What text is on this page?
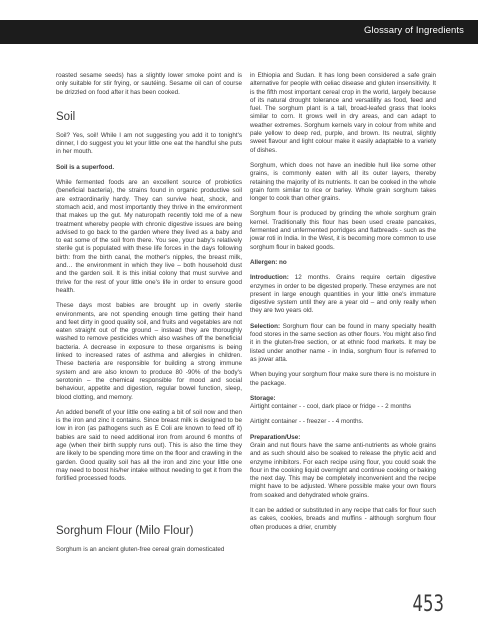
Glossary of Ingredients

roasted sesame seeds) has a slightly lower smoke point and is only suitable for stir frying, or sautéing. Sesame oil can of course be drizzled on food after it has been cooked.

Soil

Soil? Yes, soil! While I am not suggesting you add it to tonight's dinner, I do suggest you let your little one eat the handful she puts in her mouth.

Soil is a superfood.

While fermented foods are an excellent source of probiotics (beneficial bacteria), the strains found in organic productive soil are extraordinarily hardy. They can survive heat, shock, and stomach acid, and most importantly they thrive in the environment that makes up the gut. My naturopath recently told me of a new treatment whereby people with chronic digestive issues are being advised to go back to the garden where they lived as a baby and to eat some of the soil from there. You see, your baby's relatively sterile gut is populated with these life forces in the days following birth: from the birth canal, the mother's nipples, the breast milk, and… the environment in which they live – both household dust and the garden soil. It is this initial colony that must survive and thrive for the rest of your little one's life in order to ensure good health.

These days most babies are brought up in overly sterile environments, are not spending enough time getting their hand and feet dirty in good quality soil, and fruits and vegetables are not eaten straight out of the ground – instead they are thoroughly washed to remove pesticides which also washes off the beneficial bacteria. A decrease in exposure to these organisms is being linked to increased rates of asthma and allergies in children. These bacteria are responsible for building a strong immune system and are also known to produce 80 -90% of the body's serotonin – the chemical responsible for mood and social behaviour, appetite and digestion, regular bowel function, sleep, blood clotting, and memory.

An added benefit of your little one eating a bit of soil now and then is the iron and zinc it contains. Since breast milk is designed to be low in iron (as pathogens such as E Coli are known to feed off it) babies are said to need additional iron from around 6 months of age (when their birth supply runs out). This is also the time they are likely to be spending more time on the floor and crawling in the garden. Good quality soil has all the iron and zinc your little one may need to boost his/her intake without needing to get it from the fortified processed foods.

Sorghum Flour (Milo Flour)

Sorghum is an ancient gluten-free cereal grain domesticated

in Ethiopia and Sudan. It has long been considered a safe grain alternative for people with celiac disease and gluten insensitivity. It is the fifth most important cereal crop in the world, largely because of its natural drought tolerance and versatility as food, feed and fuel. The sorghum plant is a tall, broad-leafed grass that looks similar to corn. It grows well in dry areas, and can adapt to weather extremes. Sorghum kernels vary in colour from white and pale yellow to deep red, purple, and brown. Its neutral, slightly sweet flavour and light colour make it easily adaptable to a variety of dishes.

Sorghum, which does not have an inedible hull like some other grains, is commonly eaten with all its outer layers, thereby retaining the majority of its nutrients. It can be cooked in the whole grain form similar to rice or barley. Whole grain sorghum takes longer to cook than other grains.

Sorghum flour is produced by grinding the whole sorghum grain kernel. Traditionally this flour has been used create pancakes, fermented and unfermented porridges and flatbreads - such as the jowar roti in India. In the West, it is becoming more common to use sorghum flour in baked goods.

Allergen: no

Introduction: 12 months. Grains require certain digestive enzymes in order to be digested properly. These enzymes are not present in large enough quantities in your little one's immature digestive system until they are a year old – and only really when they are two years old.

Selection: Sorghum flour can be found in many specialty health food stores in the same section as other flours. You might also find it in the gluten-free section, or at ethnic food markets. It may be listed under another name - in India, sorghum flour is referred to as jowar atta.

When buying your sorghum flour make sure there is no moisture in the package.

Storage:

Airtight container - - cool, dark place or fridge - - 2 months

Airtight container - - freezer - - 4 months.

Preparation/Use:

Grain and nut flours have the same anti-nutrients as whole grains and as such should also be soaked to release the phytic acid and enzyme inhibitors. For each recipe using flour, you could soak the flour in the cooking liquid overnight and continue cooking or baking the next day. This may be completely inconvenient and the recipe might have to be adjusted. Where possible make your own flours from soaked and dehydrated whole grains.

It can be added or substituted in any recipe that calls for flour such as cakes, cookies, breads and muffins - although sorghum flour often produces a drier, crumbly

453
